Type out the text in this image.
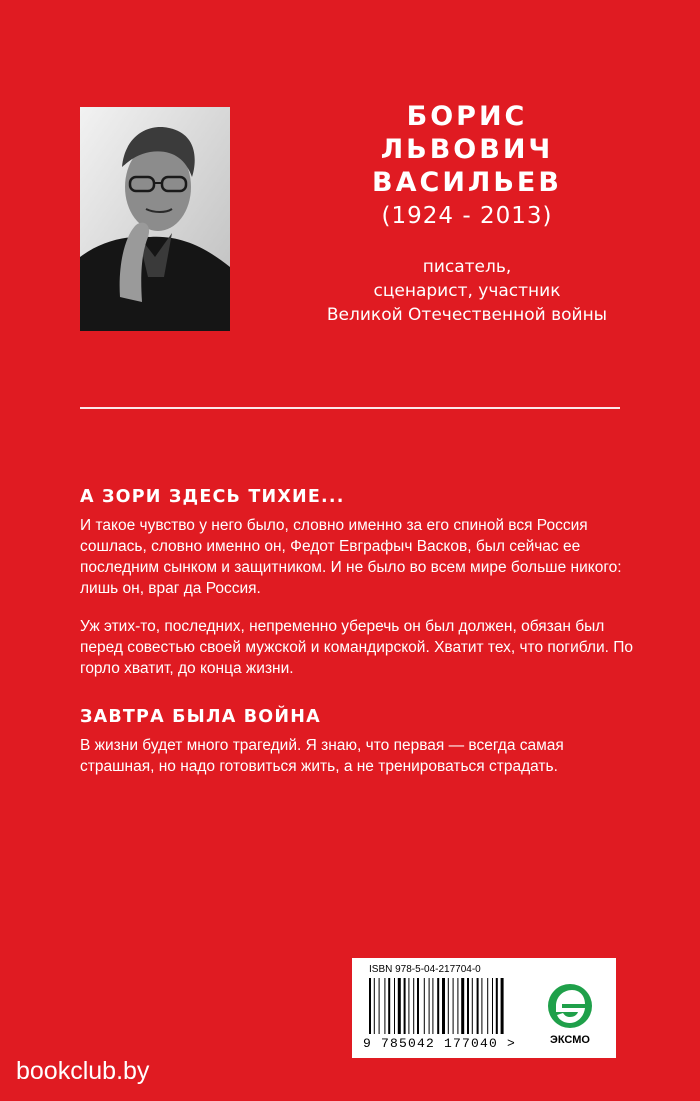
БОРИС
ЛЬВОВИЧ
ВАСИЛЬЕВ
(1924 - 2013)
писатель,
сценарист, участник
Великой Отечественной войны
А ЗОРИ ЗДЕСЬ ТИХИЕ...

И такое чувство у него было, словно именно за его спиной вся Россия сошлась, словно именно он, Федот Евграфыч Васков, был сейчас ее последним сынком и защитником. И не было во всем мире больше никого: лишь он, враг да Россия.

Уж этих-то, последних, непременно уберечь он был должен, обязан был перед совестью своей мужской и командирской. Хватит тех, что погибли. По горло хватит, до конца жизни.

ЗАВТРА БЫЛА ВОЙНА

В жизни будет много трагедий. Я знаю, что первая — всегда самая страшная, но надо готовиться жить, а не тренироваться страдать.

ISBN 978-5-04-217704-0
9 785042 177040 >	ЭКСМО
bookclub.by
